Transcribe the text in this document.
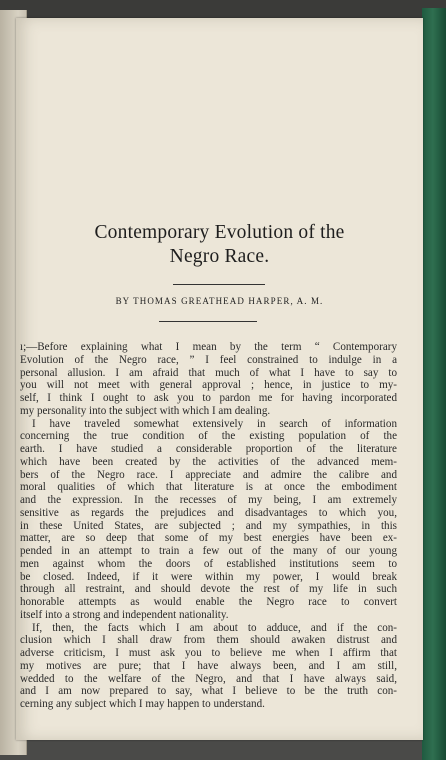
Contemporary Evolution of the
Negro Race.
BY THOMAS GREATHEAD HARPER, A. M.
ı;—Before explaining what I mean by the term “ Contemporary
Evolution of the Negro race, ” I feel constrained to indulge in a
personal allusion. I am afraid that much of what I have to say to
you will not meet with general approval ; hence, in justice to my-
self, I think I ought to ask you to pardon me for having incorporated
my personality into the subject with which I am dealing.
I have traveled somewhat extensively in search of information
concerning the true condition of the existing population of the
earth. I have studied a considerable proportion of the literature
which have been created by the activities of the advanced mem-
bers of the Negro race. I appreciate and admire the calibre and
moral qualities of which that literature is at once the embodiment
and the expression. In the recesses of my being, I am extremely
sensitive as regards the prejudices and disadvantages to which you,
in these United States, are subjected ; and my sympathies, in this
matter, are so deep that some of my best energies have been ex-
pended in an attempt to train a few out of the many of our young
men against whom the doors of established institutions seem to
be closed. Indeed, if it were within my power, I would break
through all restraint, and should devote the rest of my life in such
honorable attempts as would enable the Negro race to convert
itself into a strong and independent nationality.
If, then, the facts which I am about to adduce, and if the con-
clusion which I shall draw from them should awaken distrust and
adverse criticism, I must ask you to believe me when I affirm that
my motives are pure; that I have always been, and I am still,
wedded to the welfare of the Negro, and that I have always said,
and I am now prepared to say, what I believe to be the truth con-
cerning any subject which I may happen to understand.
